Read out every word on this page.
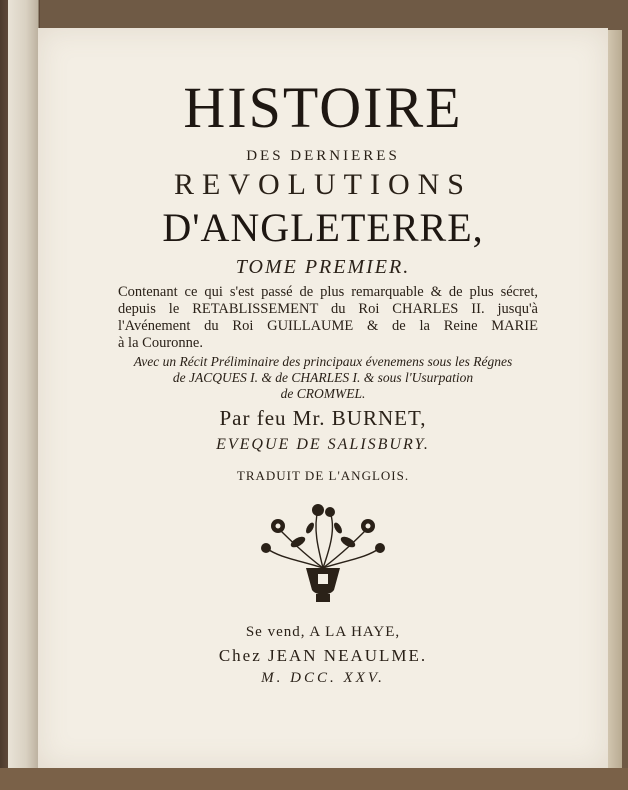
HISTOIRE
DES DERNIERES
REVOLUTIONS
D'ANGLETERRE,
TOME PREMIER.
Contenant ce qui s'est passé de plus remarquable & de plus sécret,
depuis le RETABLISSEMENT du Roi CHARLES II. jusqu'à
l'Avénement du Roi GUILLAUME & de la Reine MARIE
à la Couronne.
Avec un Récit Préliminaire des principaux évenemens sous les Régnes
de JACQUES I. & de CHARLES I. & sous l'Usurpation
de CROMWEL.
Par feu Mr. BURNET,
EVEQUE DE SALISBURY.
TRADUIT DE L'ANGLOIS.
Se vend, A LA HAYE,
Chez JEAN NEAULME.
M. DCC. XXV.
